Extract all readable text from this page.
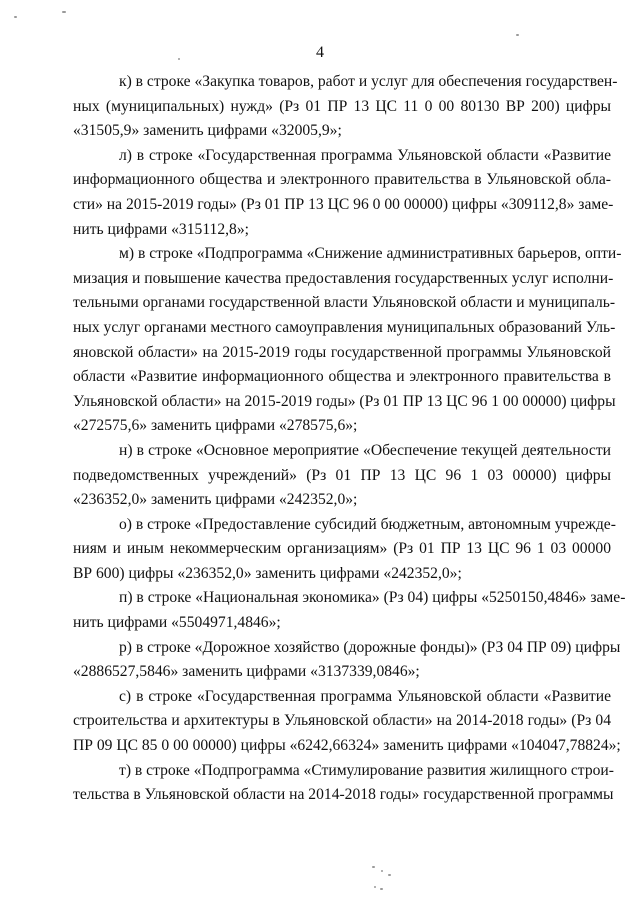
4
к) в строке «Закупка товаров, работ и услуг для обеспечения государствен-
ных (муниципальных) нужд» (Рз 01 ПР 13 ЦС 11 0 00 80130 ВР 200) цифры
«31505,9» заменить цифрами «32005,9»;
л) в строке «Государственная программа Ульяновской области «Развитие
информационного общества и электронного правительства в Ульяновской обла-
сти» на 2015-2019 годы» (Рз 01 ПР 13 ЦС 96 0 00 00000) цифры «309112,8» заме-
нить цифрами «315112,8»;
м) в строке «Подпрограмма «Снижение административных барьеров, опти-
мизация и повышение качества предоставления государственных услуг исполни-
тельными органами государственной власти Ульяновской области и муниципаль-
ных услуг органами местного самоуправления муниципальных образований Уль-
яновской области» на 2015-2019 годы государственной программы Ульяновской
области «Развитие информационного общества и электронного правительства в
Ульяновской области» на 2015-2019 годы» (Рз 01 ПР 13 ЦС 96 1 00 00000) цифры
«272575,6» заменить цифрами «278575,6»;
н) в строке «Основное мероприятие «Обеспечение текущей деятельности
подведомственных учреждений» (Рз 01 ПР 13 ЦС 96 1 03 00000) цифры
«236352,0» заменить цифрами «242352,0»;
о) в строке «Предоставление субсидий бюджетным, автономным учрежде-
ниям и иным некоммерческим организациям» (Рз 01 ПР 13 ЦС 96 1 03 00000
ВР 600) цифры «236352,0» заменить цифрами «242352,0»;
п) в строке «Национальная экономика» (Рз 04) цифры «5250150,4846» заме-
нить цифрами «5504971,4846»;
р) в строке «Дорожное хозяйство (дорожные фонды)» (РЗ 04 ПР 09) цифры
«2886527,5846» заменить цифрами «3137339,0846»;
с) в строке «Государственная программа Ульяновской области «Развитие
строительства и архитектуры в Ульяновской области» на 2014-2018 годы» (Рз 04
ПР 09 ЦС 85 0 00 00000) цифры «6242,66324» заменить цифрами «104047,78824»;
т) в строке «Подпрограмма «Стимулирование развития жилищного строи-
тельства в Ульяновской области на 2014-2018 годы» государственной программы
